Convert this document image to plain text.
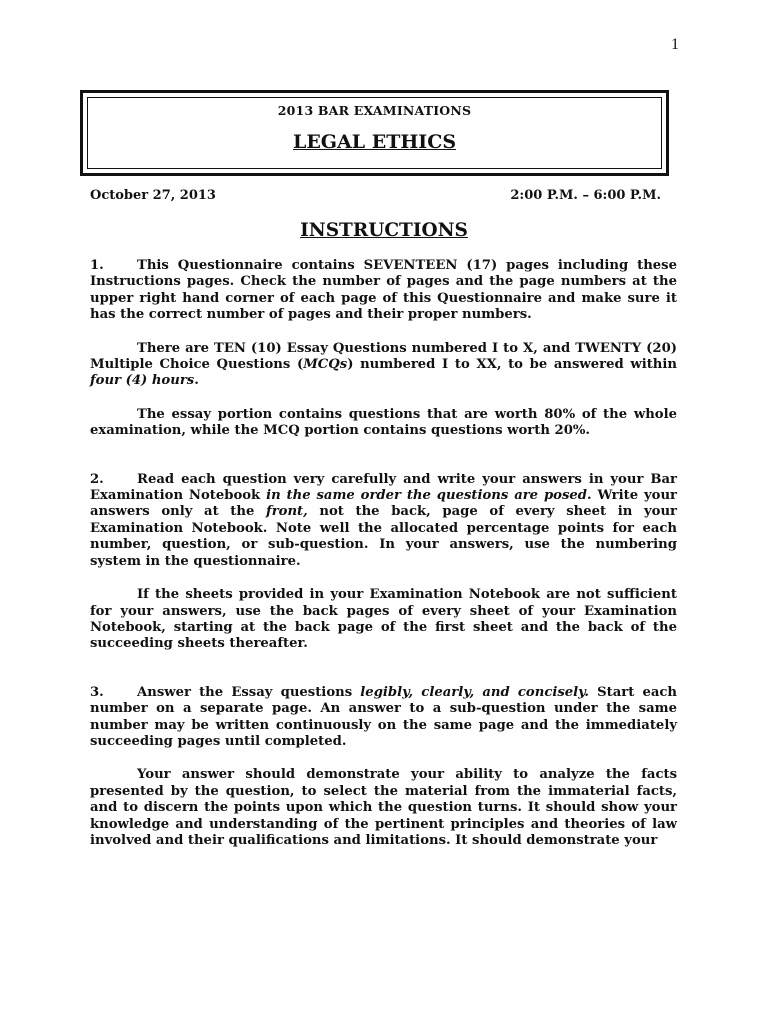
1
2013 BAR EXAMINATIONS
LEGAL ETHICS
October 27, 2013	2:00 P.M. – 6:00 P.M.
INSTRUCTIONS

1.	This Questionnaire contains SEVENTEEN (17) pages including these Instructions pages. Check the number of pages and the page numbers at the upper right hand corner of each page of this Questionnaire and make sure it has the correct number of pages and their proper numbers.

There are TEN (10) Essay Questions numbered I to X, and TWENTY (20) Multiple Choice Questions (MCQs) numbered I to XX, to be answered within four (4) hours.

The essay portion contains questions that are worth 80% of the whole examination, while the MCQ portion contains questions worth 20%.

2.	Read each question very carefully and write your answers in your Bar Examination Notebook in the same order the questions are posed. Write your answers only at the front, not the back, page of every sheet in your Examination Notebook. Note well the allocated percentage points for each number, question, or sub-question. In your answers, use the numbering system in the questionnaire.

If the sheets provided in your Examination Notebook are not sufficient for your answers, use the back pages of every sheet of your Examination Notebook, starting at the back page of the first sheet and the back of the succeeding sheets thereafter.

3.	Answer the Essay questions legibly, clearly, and concisely. Start each number on a separate page. An answer to a sub-question under the same number may be written continuously on the same page and the immediately succeeding pages until completed.

Your answer should demonstrate your ability to analyze the facts presented by the question, to select the material from the immaterial facts, and to discern the points upon which the question turns. It should show your knowledge and understanding of the pertinent principles and theories of law involved and their qualifications and limitations. It should demonstrate your
